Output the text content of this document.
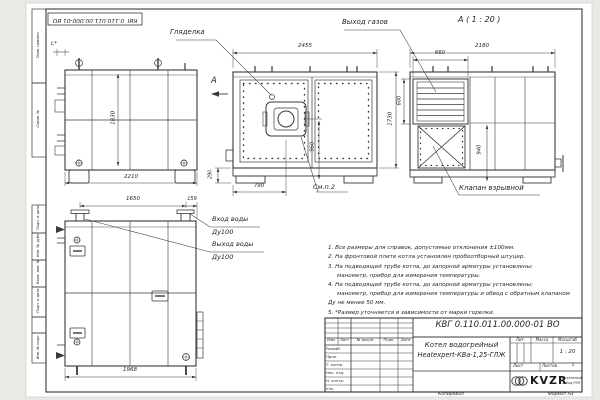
Перв. примен.
Справ. №
Подп. и дата
Инв. № дубл.
Взам. инв. №
Подп. и дата
Инв. № подл.
КВГ 0.110.011.00.000-01 ВО
Гляделка
Выход газов	А ( 1 : 20 )
А
См.п.2	Клапан взрывной
Вход воды
Ду100
Выход воды
Ду100
L*
2210
1830
2455
1730
950
290
790
2180
660
600
940
1650	159
1968
1. Все размеры для справок, допустимые отклонения ±100мм.
2. На фронтовой плите котла установлен пробоотборный штуцер.
3. На подводящей трубе котла, до запорной арматуры установлены:
манометр, прибор для измерения температуры.
4. На подводящей трубе котла, до запорной арматуры установлены:
манометр, прибор для измерения температуры и обвод с обратным клапаном
Ду не менее 50 мм.
5. *Размер уточняется в зависимости от марки горелки.
КВГ 0.110.011.00.000-01 ВО
Котел водогрейный
Heatexpert-КВа-1,25-ГЛЖ
Лит.	Масса	Масштаб
1 : 20
Лист	Листов	1
KVZR
Котельный
завод РЭП
Изм.	Лист	№ докум.	Подп.	Дата
Разраб.
Пров.
Т. контр.
Нач. отд.
Н. контр.
Утв.
Копировал	Формат А3
